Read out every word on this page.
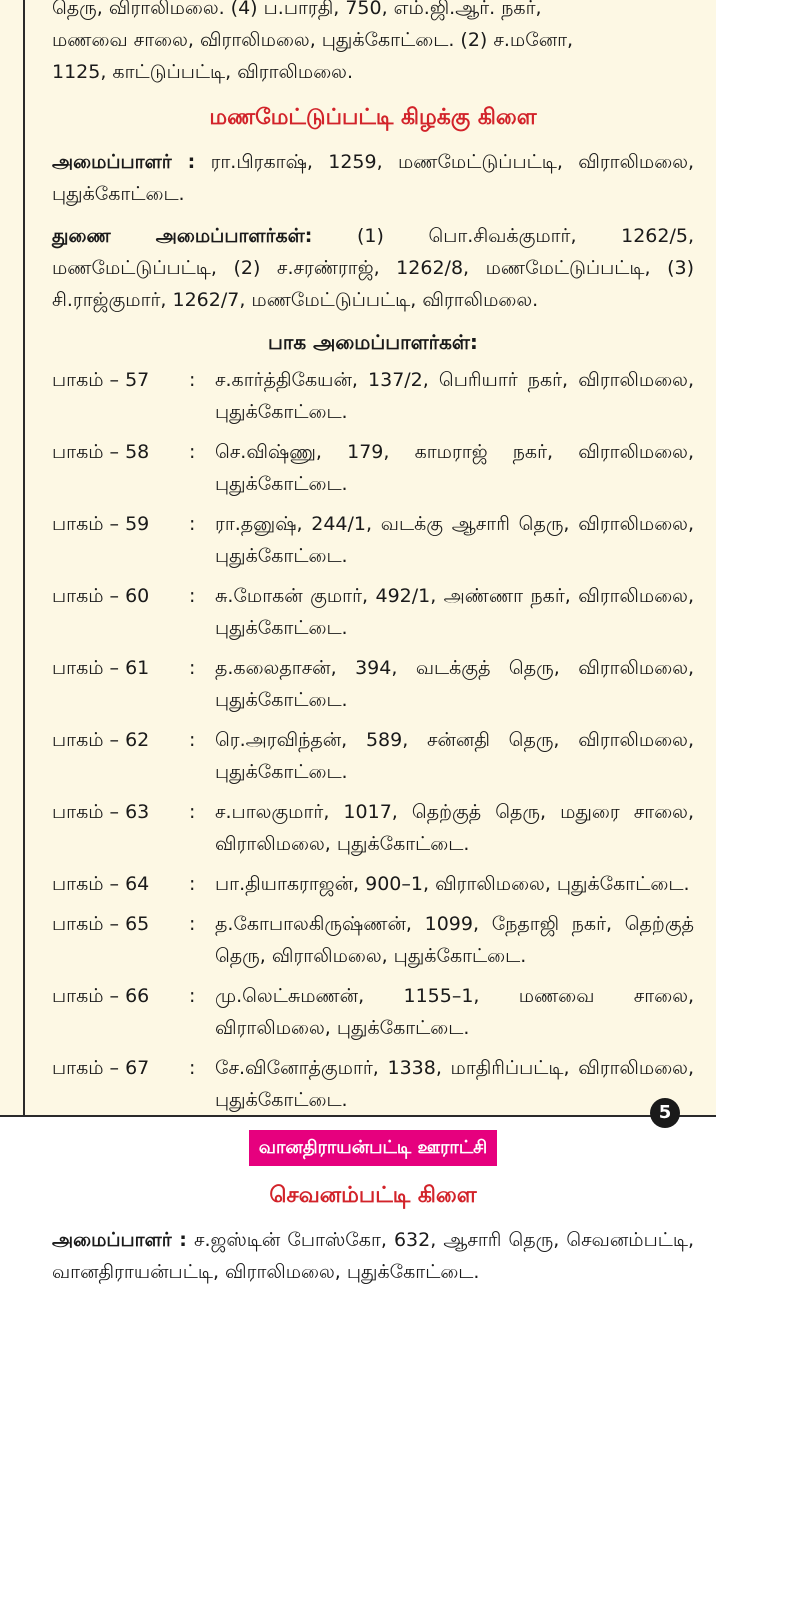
தெரு, விராலிமலை. (4) ப.பாரதி, 750, எம்.ஜி.ஆர். நகர்,

மணவை சாலை, விராலிமலை, புதுக்கோட்டை. (2) ச.மனோ,

1125, காட்டுப்பட்டி, விராலிமலை.

மணமேட்டுப்பட்டி கிழக்கு கிளை

அமைப்பாளர் : ரா.பிரகாஷ், 1259, மணமேட்டுப்பட்டி, விராலிமலை, புதுக்கோட்டை.

துணை அமைப்பாளர்கள்: (1) பொ.சிவக்குமார், 1262/5, மணமேட்டுப்பட்டி, (2) ச.சரண்ராஜ், 1262/8, மணமேட்டுப்பட்டி, (3) சி.ராஜ்குமார், 1262/7, மணமேட்டுப்பட்டி, விராலிமலை.

பாக அமைப்பாளர்கள்:
பாகம் – 57	:	ச.கார்த்திகேயன், 137/2, பெரியார் நகர், விராலிமலை, புதுக்கோட்டை.
பாகம் – 58	:	செ.விஷ்ணு, 179, காமராஜ் நகர், விராலிமலை, புதுக்கோட்டை.
பாகம் – 59	:	ரா.தனுஷ், 244/1, வடக்கு ஆசாரி தெரு, விராலிமலை, புதுக்கோட்டை.
பாகம் – 60	:	சு.மோகன் குமார், 492/1, அண்ணா நகர், விராலிமலை, புதுக்கோட்டை.
பாகம் – 61	:	த.கலைதாசன், 394, வடக்குத் தெரு, விராலிமலை, புதுக்கோட்டை.
பாகம் – 62	:	ரெ.அரவிந்தன், 589, சன்னதி தெரு, விராலிமலை, புதுக்கோட்டை.
பாகம் – 63	:	ச.பாலகுமார், 1017, தெற்குத் தெரு, மதுரை சாலை, விராலிமலை, புதுக்கோட்டை.
பாகம் – 64	:	பா.தியாகராஜன், 900–1, விராலிமலை, புதுக்கோட்டை.
பாகம் – 65	:	த.கோபாலகிருஷ்ணன், 1099, நேதாஜி நகர், தெற்குத் தெரு, விராலிமலை, புதுக்கோட்டை.
பாகம் – 66	:	மு.லெட்சுமணன், 1155–1, மணவை சாலை, விராலிமலை, புதுக்கோட்டை.
பாகம் – 67	:	சே.வினோத்குமார், 1338, மாதிரிப்பட்டி, விராலிமலை, புதுக்கோட்டை.
வானதிராயன்பட்டி ஊராட்சி
செவனம்பட்டி கிளை

அமைப்பாளர் : ச.ஜஸ்டின் போஸ்கோ, 632, ஆசாரி தெரு, செவனம்பட்டி, வானதிராயன்பட்டி, விராலிமலை, புதுக்கோட்டை.

5
